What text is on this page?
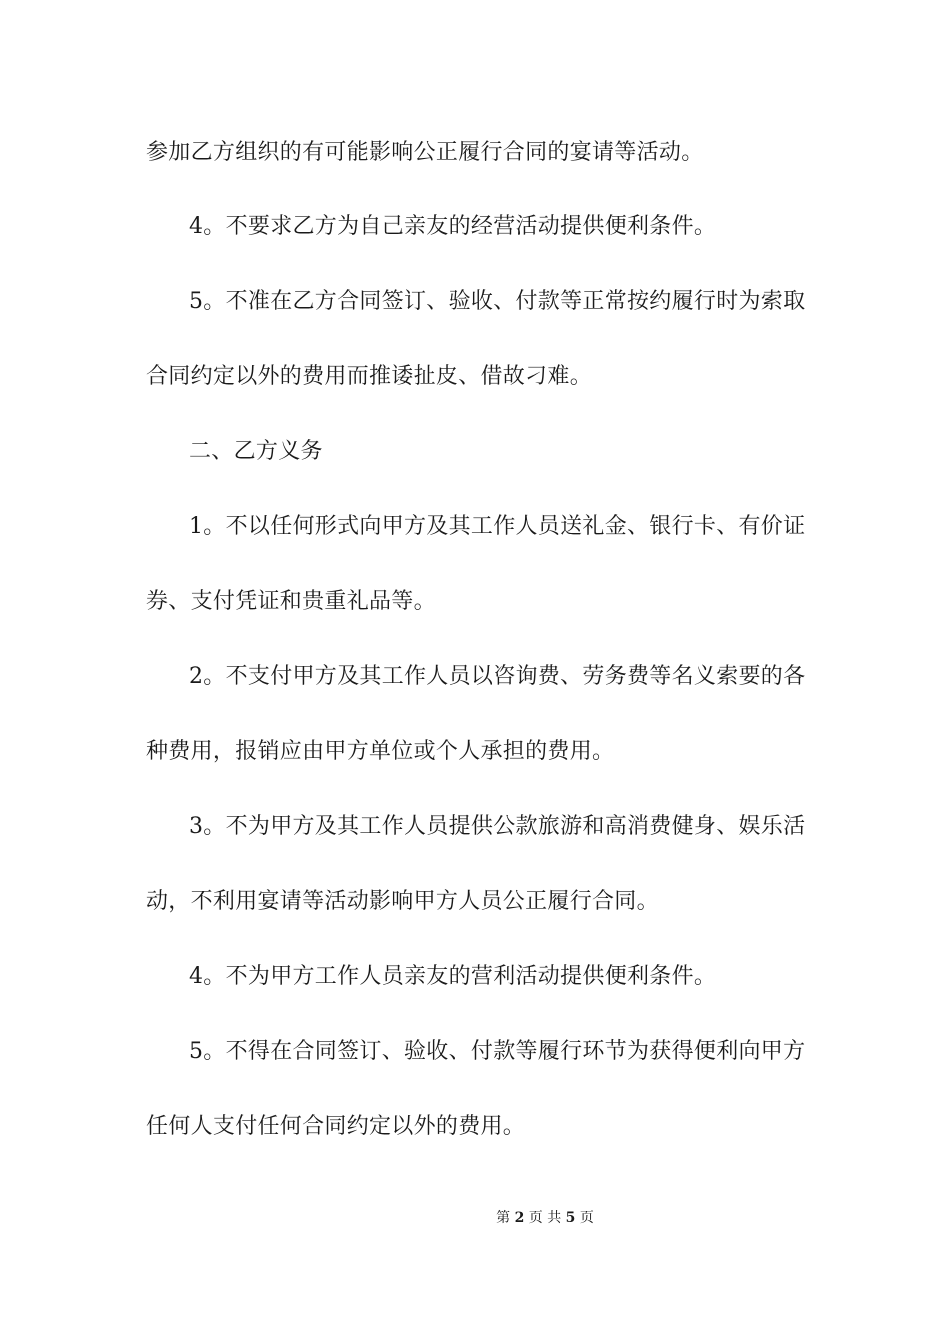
参加乙方组织的有可能影响公正履行合同的宴请等活动。
4。不要求乙方为自己亲友的经营活动提供便利条件。
5。不准在乙方合同签订、验收、付款等正常按约履行时为索取
合同约定以外的费用而推诿扯皮、借故刁难。
二、乙方义务
1。不以任何形式向甲方及其工作人员送礼金、银行卡、有价证
券、支付凭证和贵重礼品等。
2。不支付甲方及其工作人员以咨询费、劳务费等名义索要的各
种费用，报销应由甲方单位或个人承担的费用。
3。不为甲方及其工作人员提供公款旅游和高消费健身、娱乐活
动，不利用宴请等活动影响甲方人员公正履行合同。
4。不为甲方工作人员亲友的营利活动提供便利条件。
5。不得在合同签订、验收、付款等履行环节为获得便利向甲方
任何人支付任何合同约定以外的费用。
第 2 页 共 5 页
